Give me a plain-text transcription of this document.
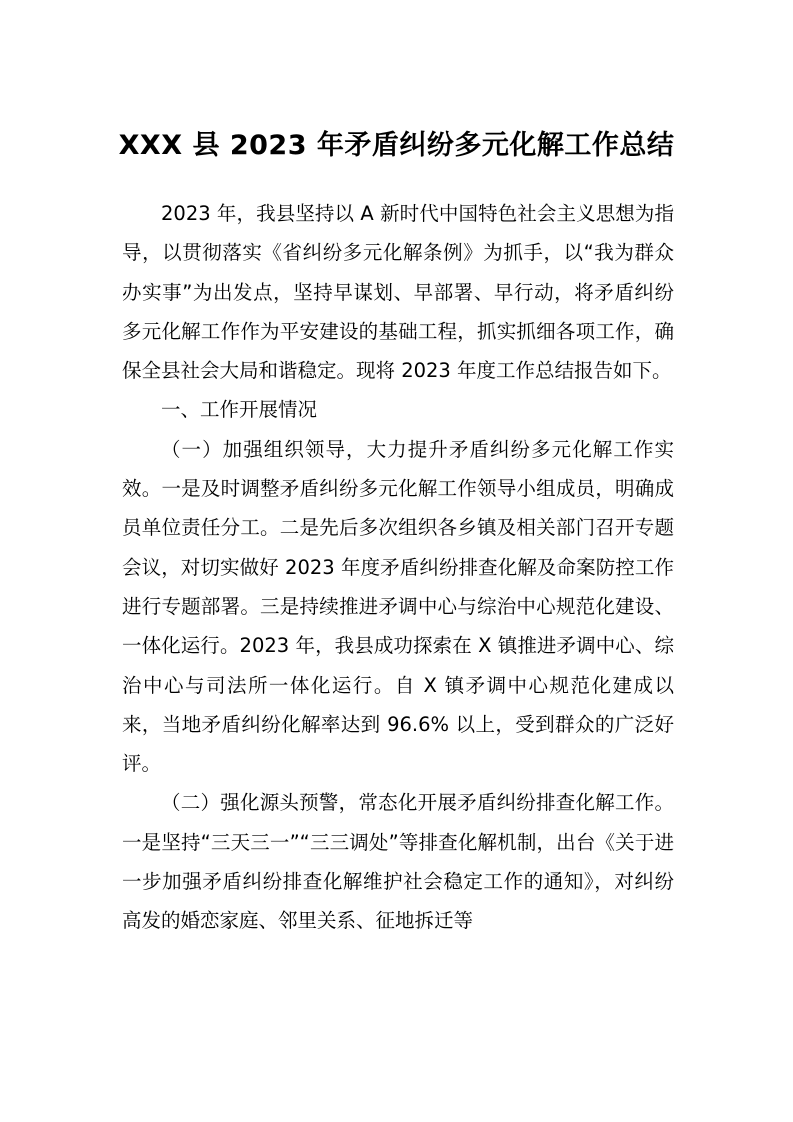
XXX 县 2023 年矛盾纠纷多元化解工作总结

2023 年，我县坚持以 A 新时代中国特色社会主义思想为指导，以贯彻落实《省纠纷多元化解条例》为抓手，以“我为群众办实事”为出发点，坚持早谋划、早部署、早行动，将矛盾纠纷多元化解工作作为平安建设的基础工程，抓实抓细各项工作，确保全县社会大局和谐稳定。现将 2023 年度工作总结报告如下。

一、工作开展情况

（一）加强组织领导，大力提升矛盾纠纷多元化解工作实效。一是及时调整矛盾纠纷多元化解工作领导小组成员，明确成员单位责任分工。二是先后多次组织各乡镇及相关部门召开专题会议，对切实做好 2023 年度矛盾纠纷排查化解及命案防控工作进行专题部署。三是持续推进矛调中心与综治中心规范化建设、一体化运行。2023 年，我县成功探索在 X 镇推进矛调中心、综治中心与司法所一体化运行。自 X 镇矛调中心规范化建成以来，当地矛盾纠纷化解率达到 96.6% 以上，受到群众的广泛好评。

（二）强化源头预警，常态化开展矛盾纠纷排查化解工作。一是坚持“三天三一”“三三调处”等排查化解机制，出台《关于进一步加强矛盾纠纷排查化解维护社会稳定工作的通知》，对纠纷高发的婚恋家庭、邻里关系、征地拆迁等
